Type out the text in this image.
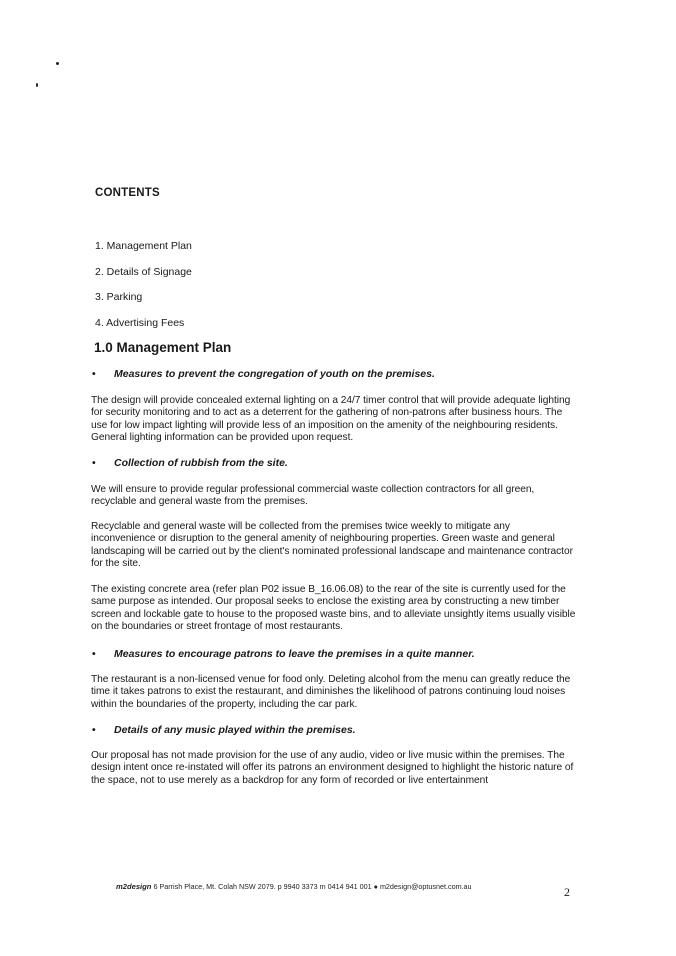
CONTENTS
1. Management Plan
2. Details of Signage
3. Parking
4. Advertising Fees
1.0 Management Plan
• Measures to prevent the congregation of youth on the premises.

The design will provide concealed external lighting on a 24/7 timer control that will provide adequate lighting for security monitoring and to act as a deterrent for the gathering of non-patrons after business hours. The use for low impact lighting will provide less of an imposition on the amenity of the neighbouring residents. General lighting information can be provided upon request.

• Collection of rubbish from the site.

We will ensure to provide regular professional commercial waste collection contractors for all green, recyclable and general waste from the premises.

Recyclable and general waste will be collected from the premises twice weekly to mitigate any inconvenience or disruption to the general amenity of neighbouring properties. Green waste and general landscaping will be carried out by the client's nominated professional landscape and maintenance contractor for the site.

The existing concrete area (refer plan P02 issue B_16.06.08) to the rear of the site is currently used for the same purpose as intended. Our proposal seeks to enclose the existing area by constructing a new timber screen and lockable gate to house to the proposed waste bins, and to alleviate unsightly items usually visible on the boundaries or street frontage of most restaurants.

• Measures to encourage patrons to leave the premises in a quite manner.

The restaurant is a non-licensed venue for food only. Deleting alcohol from the menu can greatly reduce the time it takes patrons to exist the restaurant, and diminishes the likelihood of patrons continuing loud noises within the boundaries of the property, including the car park.

• Details of any music played within the premises.

Our proposal has not made provision for the use of any audio, video or live music within the premises. The design intent once re-instated will offer its patrons an environment designed to highlight the historic nature of the space, not to use merely as a backdrop for any form of recorded or live entertainment

m2design 6 Parrish Place, Mt. Colah NSW 2079. p 9940 3373 m 0414 941 001 ● m2design@optusnet.com.au	2
